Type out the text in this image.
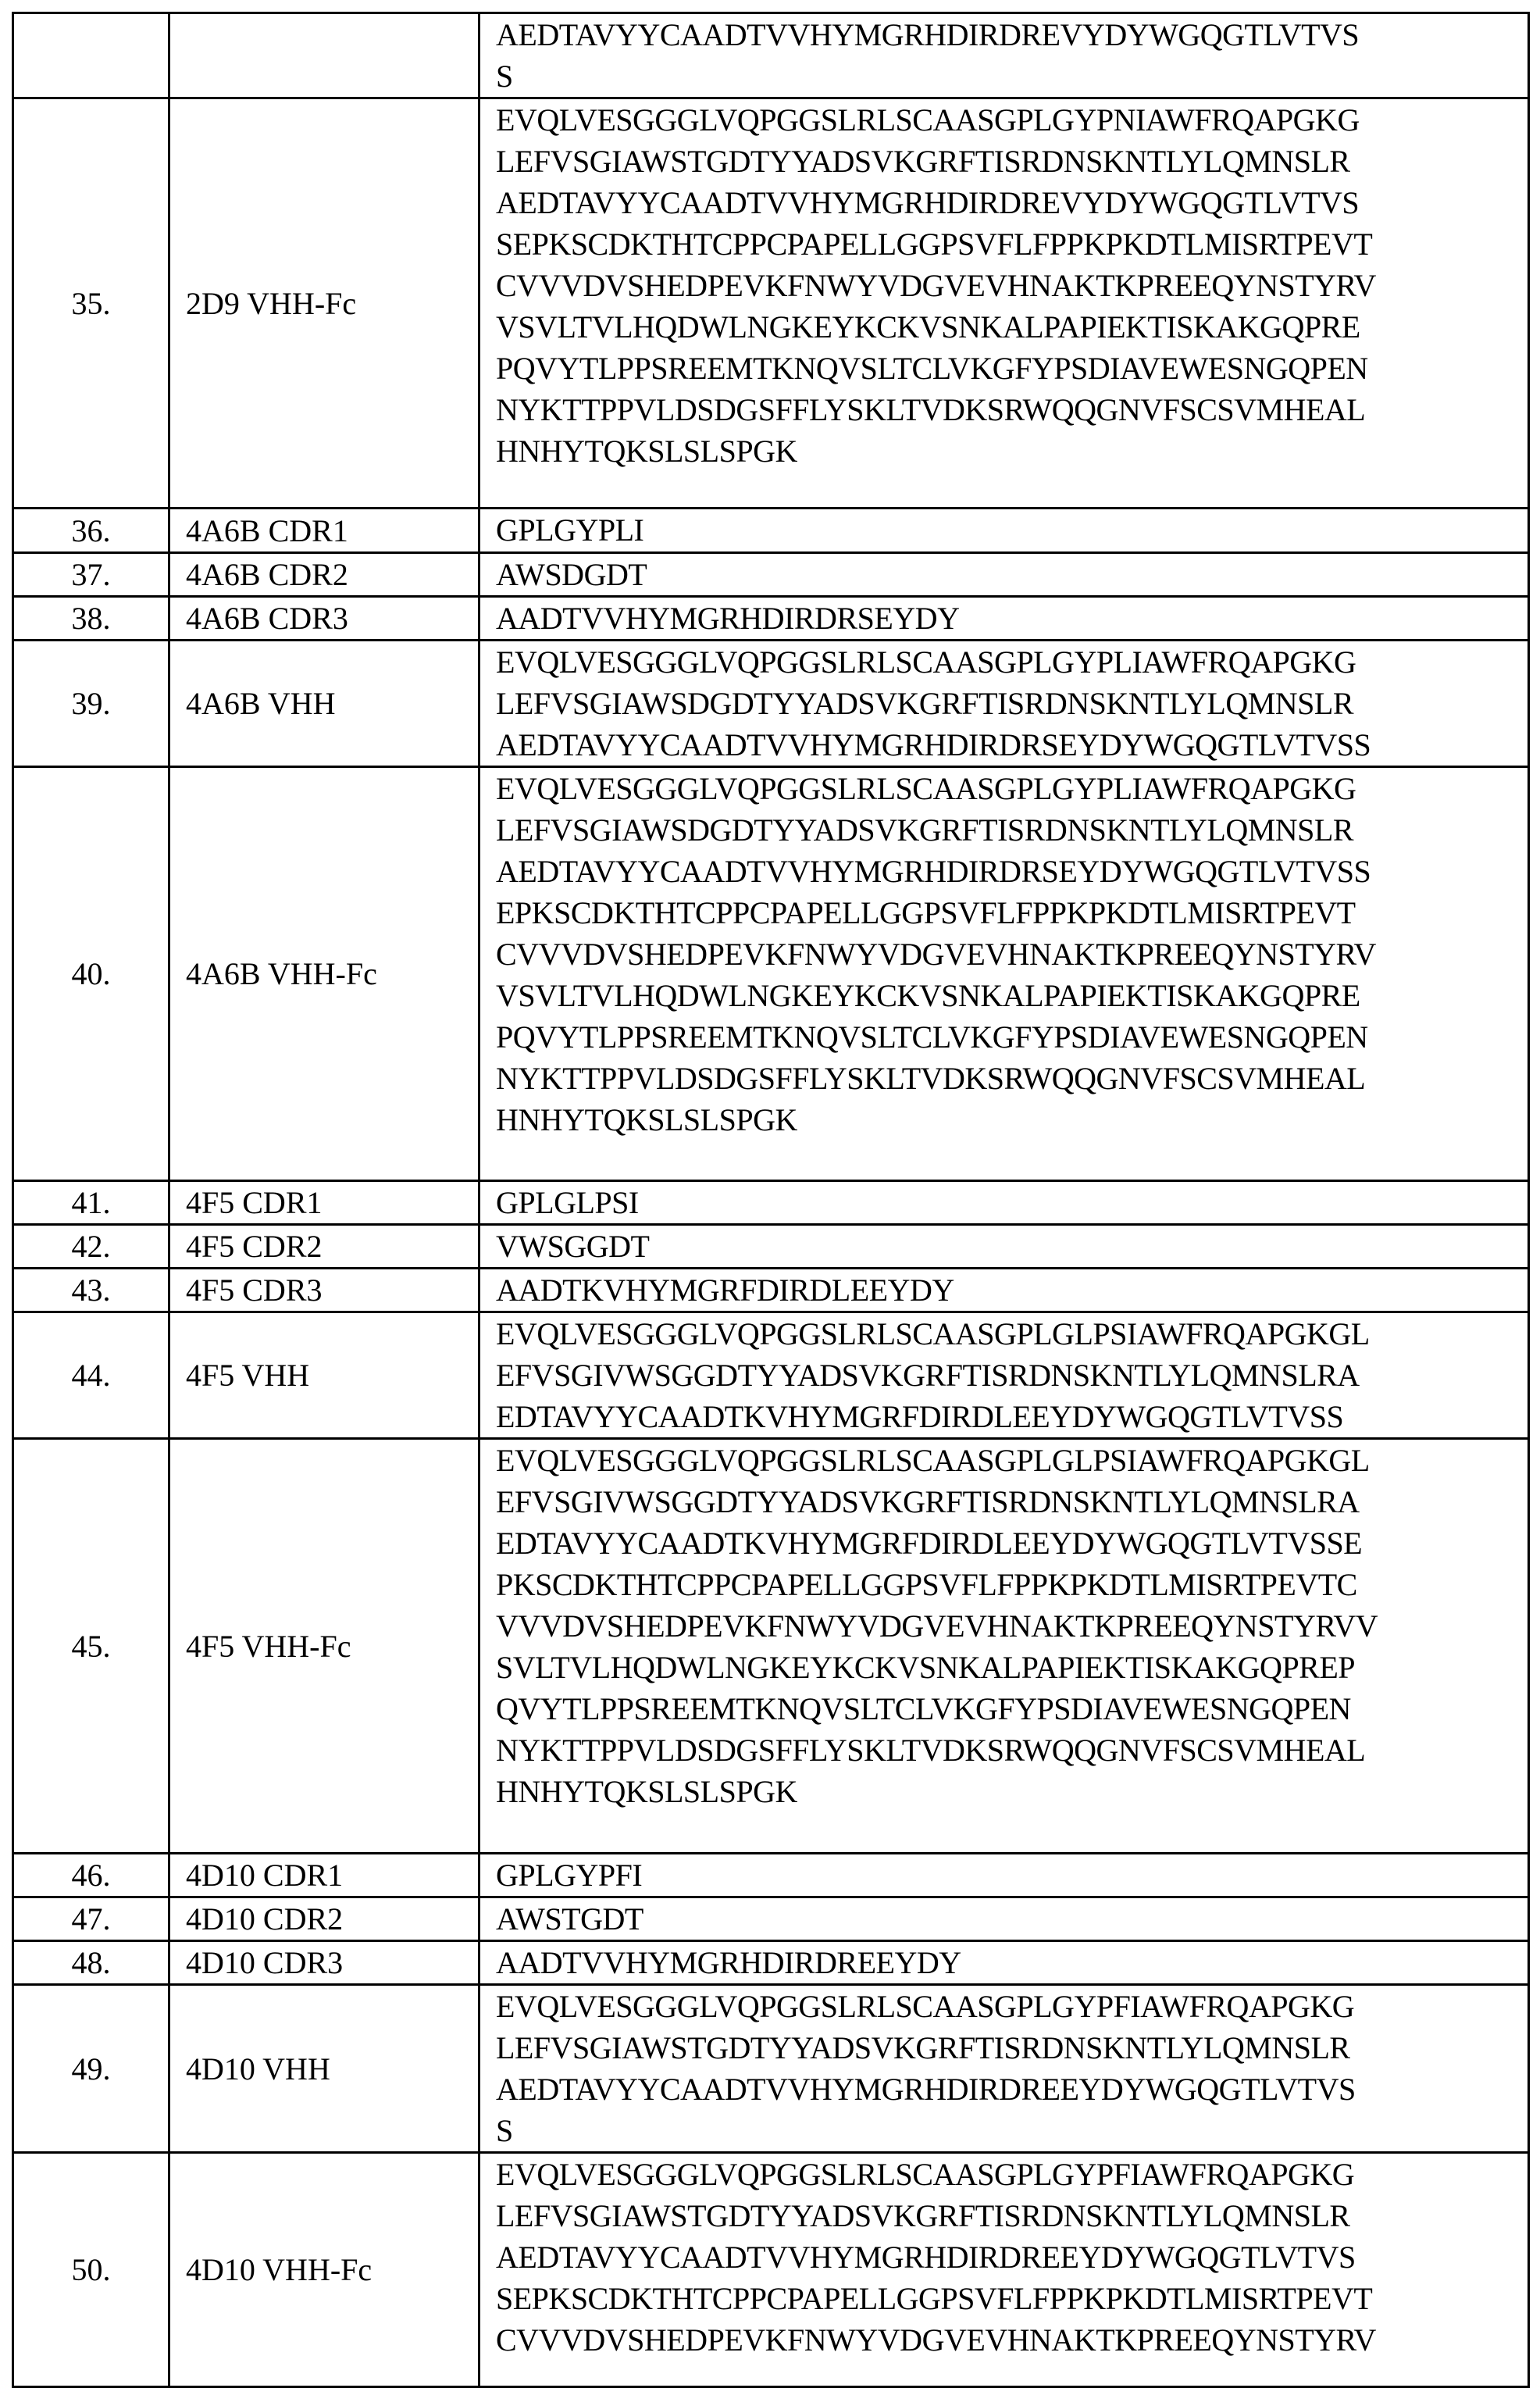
AEDTAVYYCAADTVVHYMGRHDIRDREVYDYWGQGTLVTVS
S

35.	2D9 VHH-Fc	
EVQLVESGGGLVQPGGSLRLSCAASGPLGYPNIAWFRQAPGKG
LEFVSGIAWSTGDTYYADSVKGRFTISRDNSKNTLYLQMNSLR
AEDTAVYYCAADTVVHYMGRHDIRDREVYDYWGQGTLVTVS
SEPKSCDKTHTCPPCPAPELLGGPSVFLFPPKPKDTLMISRTPEVT
CVVVDVSHEDPEVKFNWYVDGVEVHNAKTKPREEQYNSTYRV
VSVLTVLHQDWLNGKEYKCKVSNKALPAPIEKTISKAKGQPRE
PQVYTLPPSREEMTKNQVSLTCLVKGFYPSDIAVEWESNGQPEN
NYKTTPPVLDSDGSFFLYSKLTVDKSRWQQGNVFSCSVMHEAL
HNHYTQKSLSLSPGK

36.	4A6B CDR1	GPLGYPLI

37.	4A6B CDR2	AWSDGDT

38.	4A6B CDR3	AADTVVHYMGRHDIRDRSEYDY

39.	4A6B VHH	
EVQLVESGGGLVQPGGSLRLSCAASGPLGYPLIAWFRQAPGKG
LEFVSGIAWSDGDTYYADSVKGRFTISRDNSKNTLYLQMNSLR
AEDTAVYYCAADTVVHYMGRHDIRDRSEYDYWGQGTLVTVSS

40.	4A6B VHH-Fc	
EVQLVESGGGLVQPGGSLRLSCAASGPLGYPLIAWFRQAPGKG
LEFVSGIAWSDGDTYYADSVKGRFTISRDNSKNTLYLQMNSLR
AEDTAVYYCAADTVVHYMGRHDIRDRSEYDYWGQGTLVTVSS
EPKSCDKTHTCPPCPAPELLGGPSVFLFPPKPKDTLMISRTPEVT
CVVVDVSHEDPEVKFNWYVDGVEVHNAKTKPREEQYNSTYRV
VSVLTVLHQDWLNGKEYKCKVSNKALPAPIEKTISKAKGQPRE
PQVYTLPPSREEMTKNQVSLTCLVKGFYPSDIAVEWESNGQPEN
NYKTTPPVLDSDGSFFLYSKLTVDKSRWQQGNVFSCSVMHEAL
HNHYTQKSLSLSPGK

41.	4F5 CDR1	GPLGLPSI

42.	4F5 CDR2	VWSGGDT

43.	4F5 CDR3	AADTKVHYMGRFDIRDLEEYDY

44.	4F5 VHH	
EVQLVESGGGLVQPGGSLRLSCAASGPLGLPSIAWFRQAPGKGL
EFVSGIVWSGGDTYYADSVKGRFTISRDNSKNTLYLQMNSLRA
EDTAVYYCAADTKVHYMGRFDIRDLEEYDYWGQGTLVTVSS

45.	4F5 VHH-Fc	
EVQLVESGGGLVQPGGSLRLSCAASGPLGLPSIAWFRQAPGKGL
EFVSGIVWSGGDTYYADSVKGRFTISRDNSKNTLYLQMNSLRA
EDTAVYYCAADTKVHYMGRFDIRDLEEYDYWGQGTLVTVSSE
PKSCDKTHTCPPCPAPELLGGPSVFLFPPKPKDTLMISRTPEVTC
VVVDVSHEDPEVKFNWYVDGVEVHNAKTKPREEQYNSTYRVV
SVLTVLHQDWLNGKEYKCKVSNKALPAPIEKTISKAKGQPREP
QVYTLPPSREEMTKNQVSLTCLVKGFYPSDIAVEWESNGQPEN
NYKTTPPVLDSDGSFFLYSKLTVDKSRWQQGNVFSCSVMHEAL
HNHYTQKSLSLSPGK

46.	4D10 CDR1	GPLGYPFI

47.	4D10 CDR2	AWSTGDT

48.	4D10 CDR3	AADTVVHYMGRHDIRDREEYDY

49.	4D10 VHH	
EVQLVESGGGLVQPGGSLRLSCAASGPLGYPFIAWFRQAPGKG
LEFVSGIAWSTGDTYYADSVKGRFTISRDNSKNTLYLQMNSLR
AEDTAVYYCAADTVVHYMGRHDIRDREEYDYWGQGTLVTVS
S

50.	4D10 VHH-Fc	
EVQLVESGGGLVQPGGSLRLSCAASGPLGYPFIAWFRQAPGKG
LEFVSGIAWSTGDTYYADSVKGRFTISRDNSKNTLYLQMNSLR
AEDTAVYYCAADTVVHYMGRHDIRDREEYDYWGQGTLVTVS
SEPKSCDKTHTCPPCPAPELLGGPSVFLFPPKPKDTLMISRTPEVT
CVVVDVSHEDPEVKFNWYVDGVEVHNAKTKPREEQYNSTYRV
